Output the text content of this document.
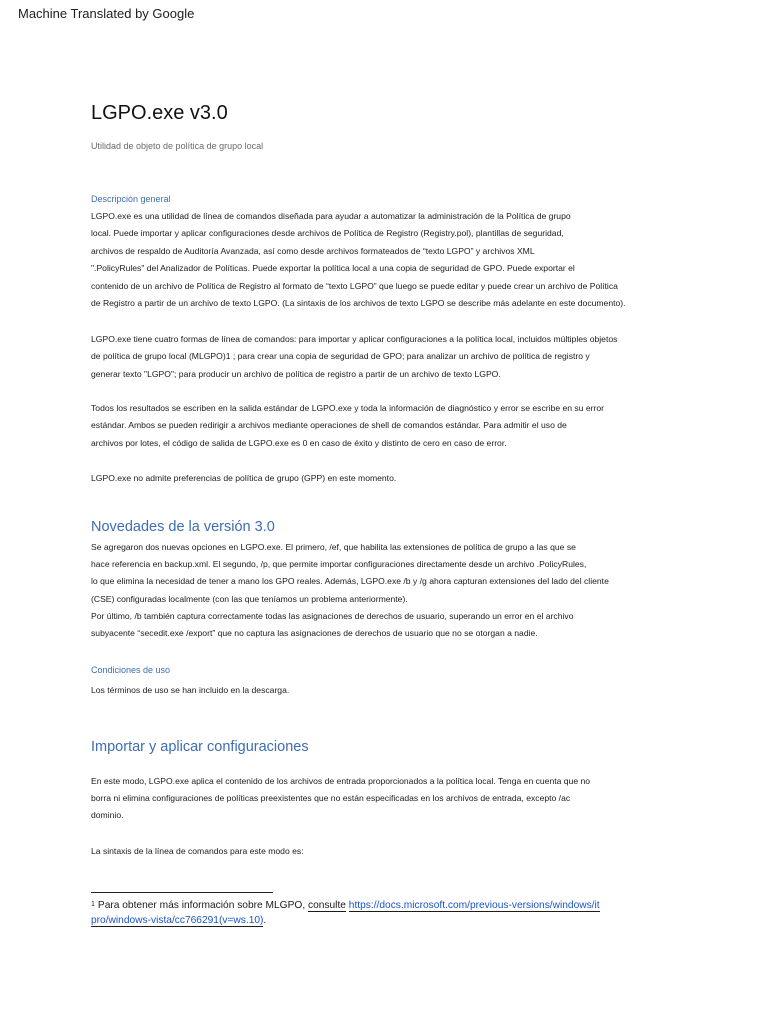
Machine Translated by Google
LGPO.exe v3.0
Utilidad de objeto de política de grupo local
Descripción general
LGPO.exe es una utilidad de línea de comandos diseñada para ayudar a automatizar la administración de la Política de grupo
local. Puede importar y aplicar configuraciones desde archivos de Política de Registro (Registry.pol), plantillas de seguridad,
archivos de respaldo de Auditoría Avanzada, así como desde archivos formateados de “texto LGPO” y archivos XML
".PolicyRules" del Analizador de Políticas. Puede exportar la política local a una copia de seguridad de GPO. Puede exportar el
contenido de un archivo de Política de Registro al formato de “texto LGPO” que luego se puede editar y puede crear un archivo de Política
de Registro a partir de un archivo de texto LGPO. (La sintaxis de los archivos de texto LGPO se describe más adelante en este documento).
LGPO.exe tiene cuatro formas de línea de comandos: para importar y aplicar configuraciones a la política local, incluidos múltiples objetos
de política de grupo local (MLGPO)1 ; para crear una copia de seguridad de GPO; para analizar un archivo de política de registro y
generar texto "LGPO"; para producir un archivo de política de registro a partir de un archivo de texto LGPO.
Todos los resultados se escriben en la salida estándar de LGPO.exe y toda la información de diagnóstico y error se escribe en su error
estándar. Ambos se pueden redirigir a archivos mediante operaciones de shell de comandos estándar. Para admitir el uso de
archivos por lotes, el código de salida de LGPO.exe es 0 en caso de éxito y distinto de cero en caso de error.
LGPO.exe no admite preferencias de política de grupo (GPP) en este momento.
Novedades de la versión 3.0
Se agregaron dos nuevas opciones en LGPO.exe. El primero, /ef, que habilita las extensiones de política de grupo a las que se
hace referencia en backup.xml. El segundo, /p, que permite importar configuraciones directamente desde un archivo .PolicyRules,
lo que elimina la necesidad de tener a mano los GPO reales. Además, LGPO.exe /b y /g ahora capturan extensiones del lado del cliente
(CSE) configuradas localmente (con las que teníamos un problema anteriormente).
Por último, /b también captura correctamente todas las asignaciones de derechos de usuario, superando un error en el archivo
subyacente “secedit.exe /export” que no captura las asignaciones de derechos de usuario que no se otorgan a nadie.
Condiciones de uso
Los términos de uso se han incluido en la descarga.
Importar y aplicar configuraciones
En este modo, LGPO.exe aplica el contenido de los archivos de entrada proporcionados a la política local. Tenga en cuenta que no
borra ni elimina configuraciones de políticas preexistentes que no están especificadas en los archivos de entrada, excepto /ac
dominio.
La sintaxis de la línea de comandos para este modo es:
$^1$ Para obtener más información sobre MLGPO, consulte https://docs.microsoft.com/previous-versions/windows/it
pro/windows-vista/cc766291(v=ws.10).
